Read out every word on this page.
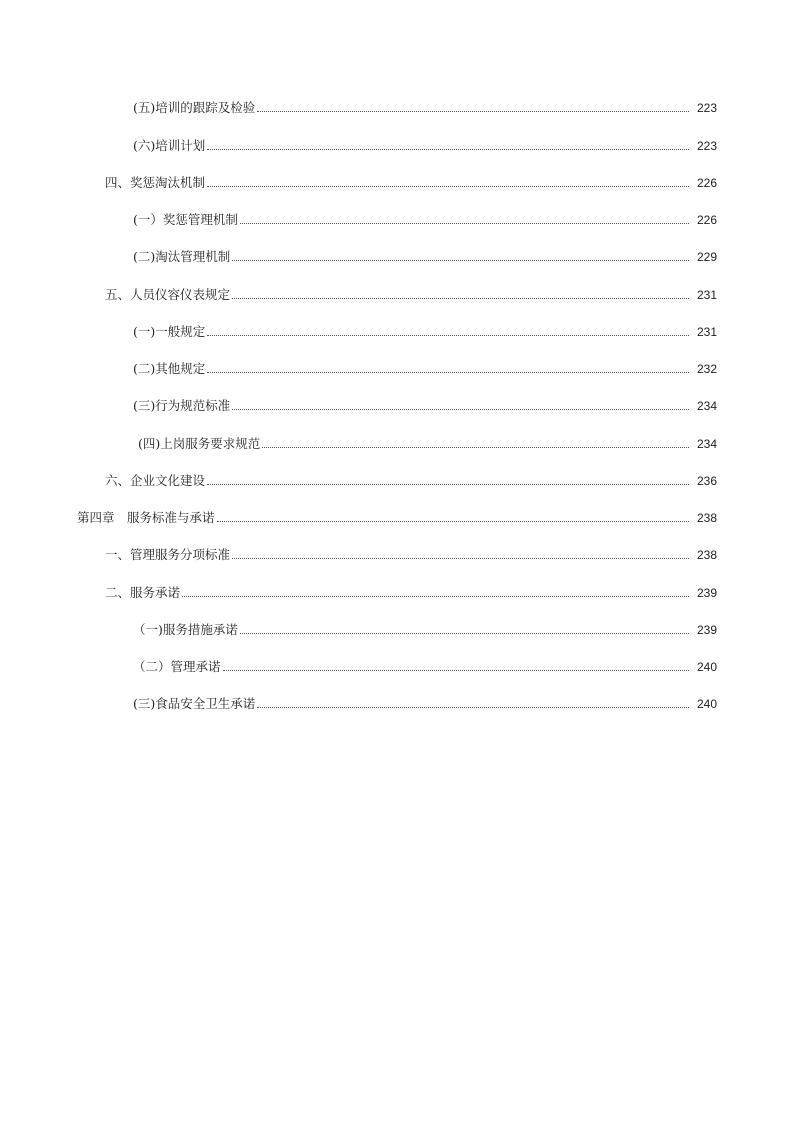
(五)培训的跟踪及检验	223
(六)培训计划	223
四、奖惩淘汰机制	226
(一）奖惩管理机制	226
(二)淘汰管理机制	229
五、人员仪容仪表规定	231
(一)一般规定	231
(二)其他规定	232
(三)行为规范标准	234
(四)上岗服务要求规范	234
六、企业文化建设	236
第四章　服务标准与承诺	238
一、管理服务分项标准	238
二、服务承诺	239
（一)服务措施承诺	239
（二）管理承诺	240
(三)食品安全卫生承诺	240
